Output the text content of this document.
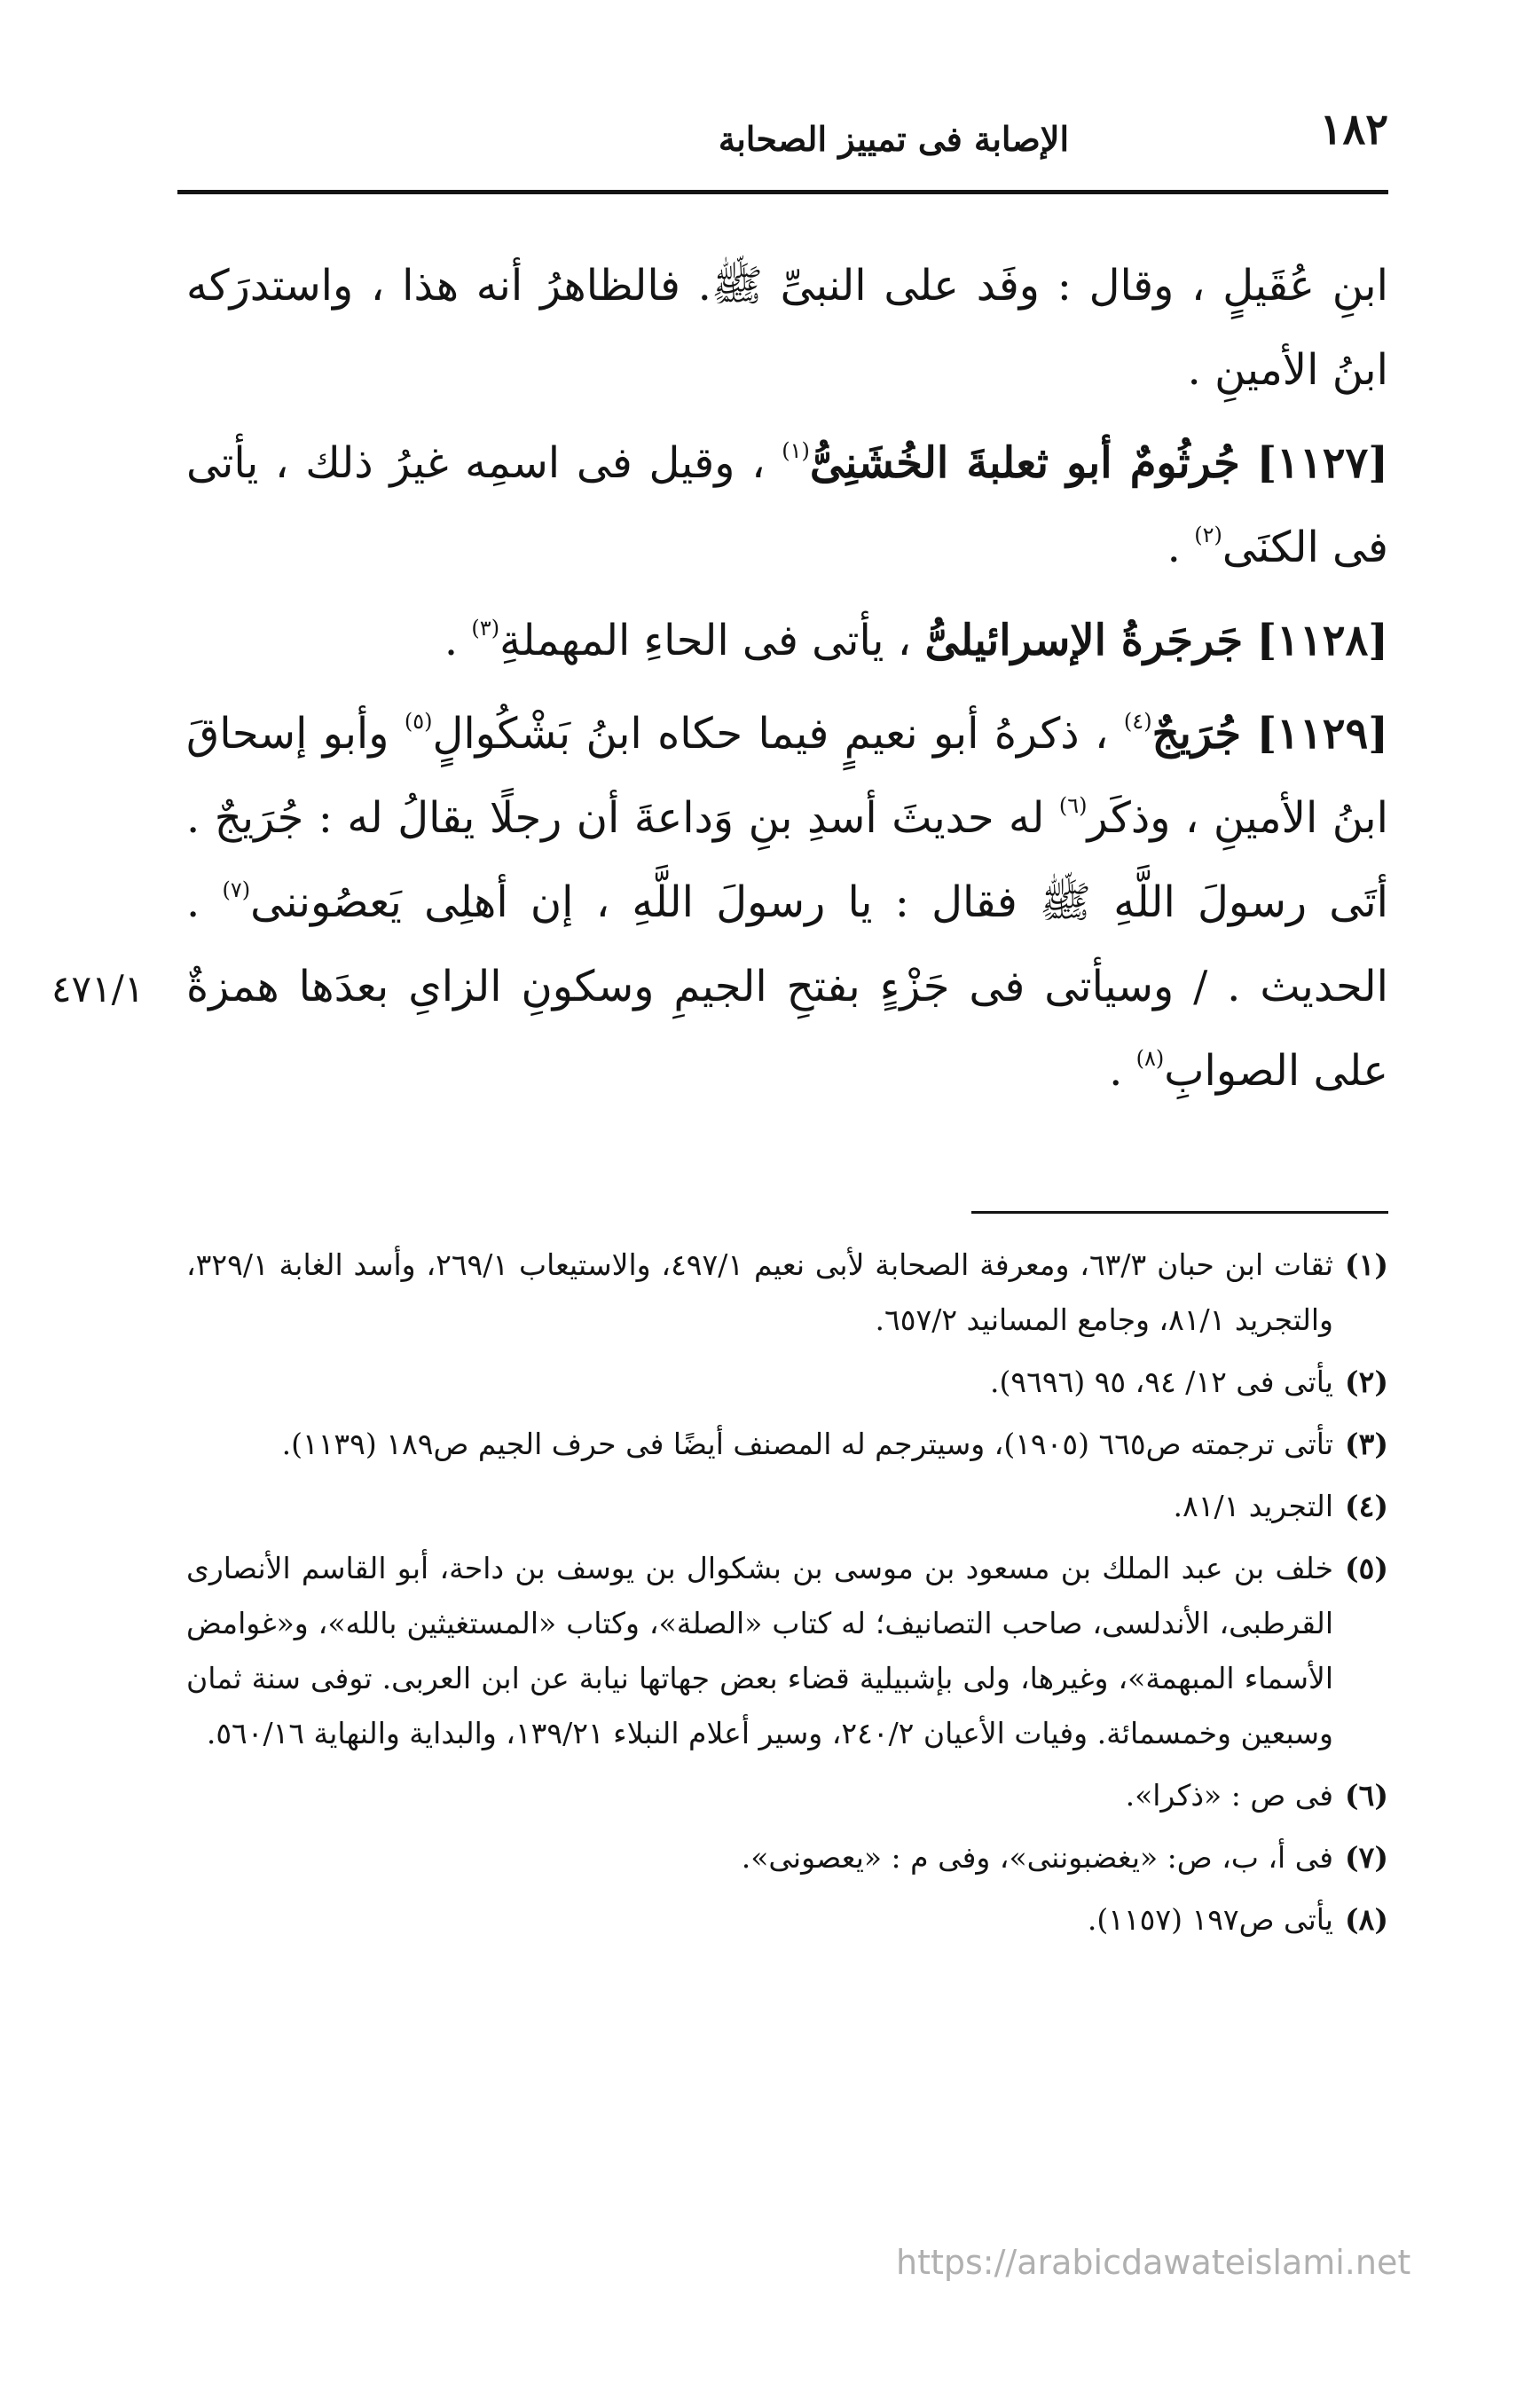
١٨٢
الإصابة فى تمييز الصحابة

ابنِ عُقَيلٍ ، وقال : وفَد على النبىِّ ﷺ. فالظاهرُ أنه هذا ، واستدرَكه ابنُ الأمينِ .

[١١٢٧] جُرثُومٌ أبو ثعلبةَ الخُشَنِىُّ$^{(١)}$ ، وقيل فى اسمِه غيرُ ذلك ، يأتى فى الكنَى$^{(٢)}$ .

[١١٢٨] جَرجَرةُ الإسرائيلىُّ ، يأتى فى الحاءِ المهملةِ$^{(٣)}$ .

[١١٢٩] جُرَيجٌ$^{(٤)}$ ، ذكرهُ أبو نعيمٍ فيما حكاه ابنُ بَشْكُوالٍ$^{(٥)}$ وأبو إسحاقَ ابنُ الأمينِ ، وذكَر$^{(٦)}$ له حديثَ أسدِ بنِ وَداعةَ أن رجلًا يقالُ له : جُرَيجٌ . أتَى رسولَ اللَّهِ ﷺ فقال : يا رسولَ اللَّهِ ، إن أهلِى يَعصُوننى$^{(٧)}$ . الحديث . / وسيأتى فى جَزْءٍ بفتحِ الجيمِ وسكونِ الزاىِ بعدَها همزةٌ على الصوابِ$^{(٨)}$ .

٤٧١/١

(١)ثقات ابن حبان ٦٣/٣، ومعرفة الصحابة لأبى نعيم ٤٩٧/١، والاستيعاب ٢٦٩/١، وأسد الغابة ٣٢٩/١، والتجريد ٨١/١، وجامع المسانيد ٦٥٧/٢.

(٢)يأتى فى ١٢/ ٩٤، ٩٥ (٩٦٩٦).

(٣)تأتى ترجمته ص٦٦٥ (١٩٠٥)، وسيترجم له المصنف أيضًا فى حرف الجيم ص١٨٩ (١١٣٩).

(٤)التجريد ٨١/١.

(٥)خلف بن عبد الملك بن مسعود بن موسى بن بشكوال بن يوسف بن داحة، أبو القاسم الأنصارى القرطبى، الأندلسى، صاحب التصانيف؛ له كتاب «الصلة»، وكتاب «المستغيثين بالله»، و«غوامض الأسماء المبهمة»، وغيرها، ولى بإشبيلية قضاء بعض جهاتها نيابة عن ابن العربى. توفى سنة ثمان وسبعين وخمسمائة. وفيات الأعيان ٢٤٠/٢، وسير أعلام النبلاء ١٣٩/٢١، والبداية والنهاية ٥٦٠/١٦.

(٦)فى ص : «ذكرا».

(٧)فى أ، ب، ص: «يغضبوننى»، وفى م : «يعصونى».

(٨)يأتى ص١٩٧ (١١٥٧).

https://arabicdawateislami.net
